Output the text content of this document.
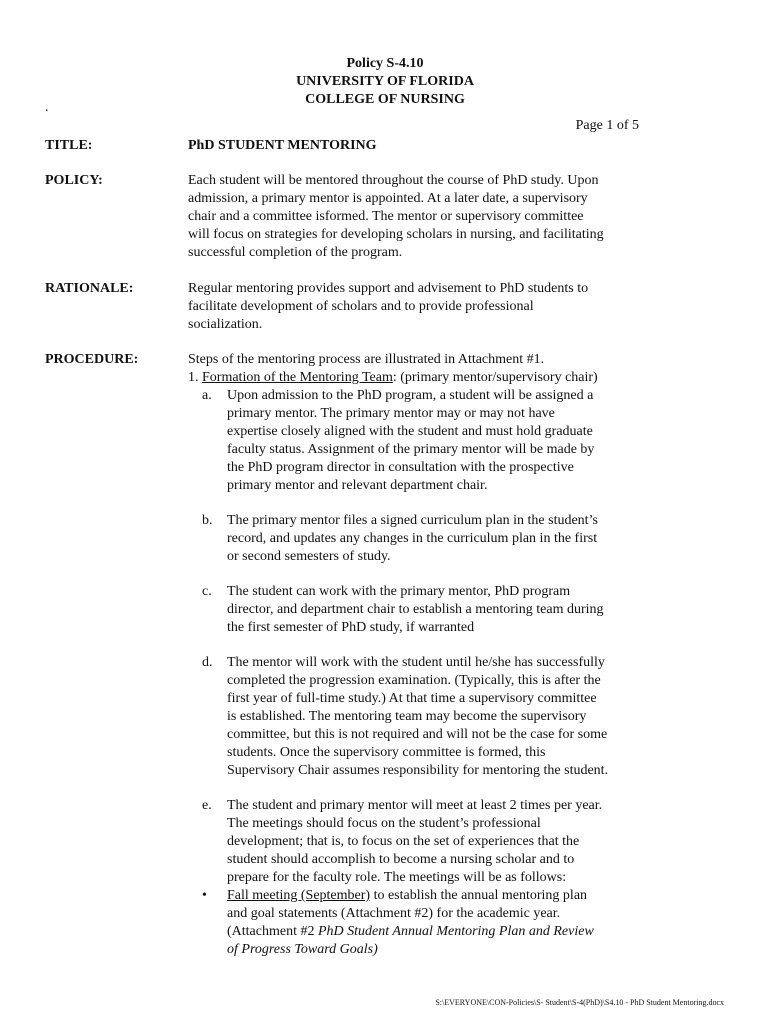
Policy S-4.10
UNIVERSITY OF FLORIDA
COLLEGE OF NURSING
.
Page 1 of 5
TITLE:	PhD STUDENT MENTORING
POLICY:	Each student will be mentored throughout the course of PhD study. Upon
admission, a primary mentor is appointed. At a later date, a supervisory
chair and a committee isformed. The mentor or supervisory committee
will focus on strategies for developing scholars in nursing, and facilitating
successful completion of the program.
RATIONALE:	Regular mentoring provides support and advisement to PhD students to
facilitate development of scholars and to provide professional
socialization.
PROCEDURE:	Steps of the mentoring process are illustrated in Attachment #1.
1. Formation of the Mentoring Team: (primary mentor/supervisory chair)
a.	Upon admission to the PhD program, a student will be assigned a
primary mentor. The primary mentor may or may not have
expertise closely aligned with the student and must hold graduate
faculty status. Assignment of the primary mentor will be made by
the PhD program director in consultation with the prospective
primary mentor and relevant department chair.
b.	The primary mentor files a signed curriculum plan in the student’s
record, and updates any changes in the curriculum plan in the first
or second semesters of study.
c.	The student can work with the primary mentor, PhD program
director, and department chair to establish a mentoring team during
the first semester of PhD study, if warranted
d.	The mentor will work with the student until he/she has successfully
completed the progression examination. (Typically, this is after the
first year of full-time study.) At that time a supervisory committee
is established. The mentoring team may become the supervisory
committee, but this is not required and will not be the case for some
students. Once the supervisory committee is formed, this
Supervisory Chair assumes responsibility for mentoring the student.
e.	The student and primary mentor will meet at least 2 times per year.
The meetings should focus on the student’s professional
development; that is, to focus on the set of experiences that the
student should accomplish to become a nursing scholar and to
prepare for the faculty role. The meetings will be as follows:
•	Fall meeting (September) to establish the annual mentoring plan
and goal statements (Attachment #2) for the academic year.
(Attachment #2 PhD Student Annual Mentoring Plan and Review
of Progress Toward Goals)
S:\EVERYONE\CON-Policies\S- Student\S-4(PhD)\S4.10 - PhD Student Mentoring.docx
